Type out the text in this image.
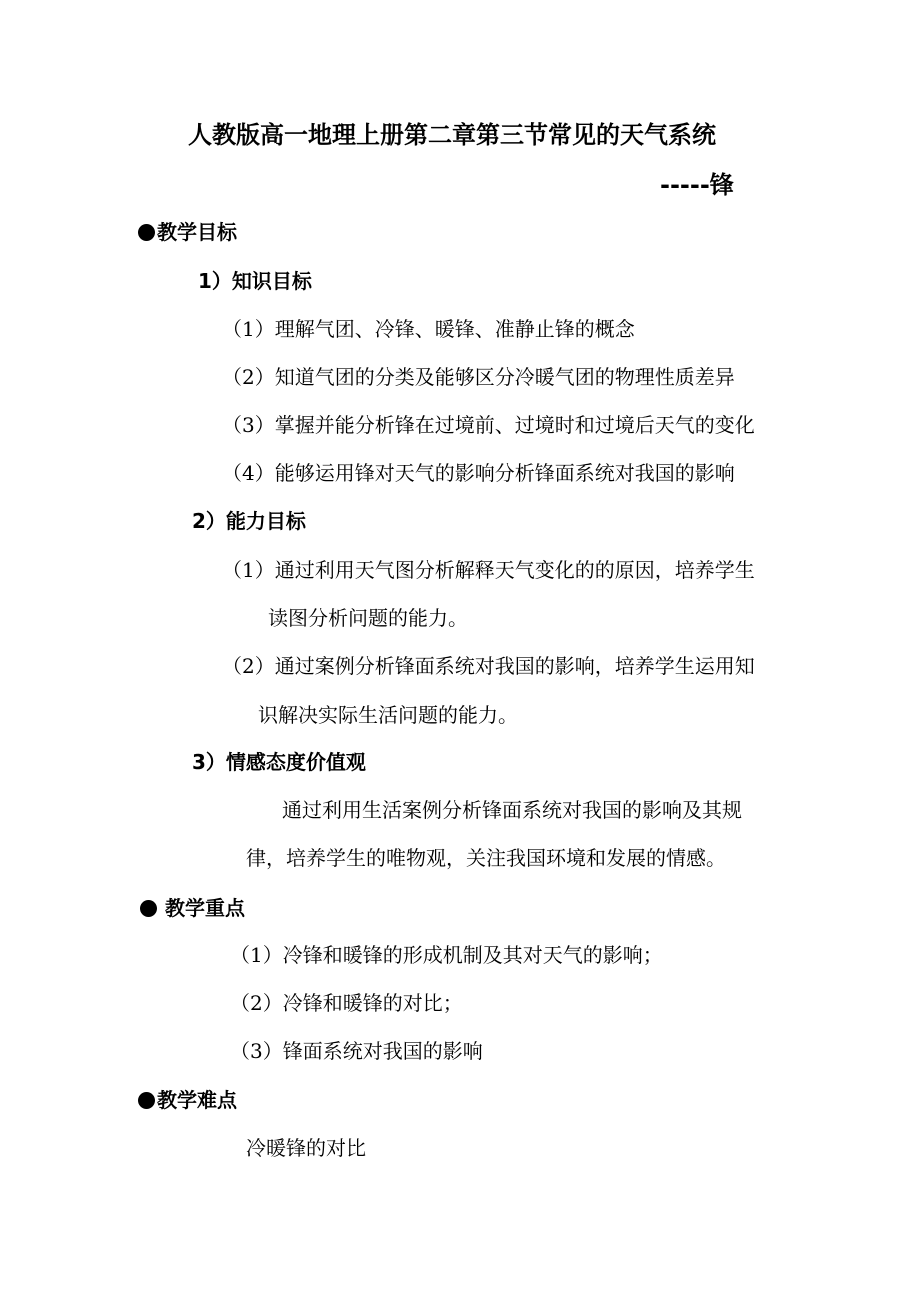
人教版高一地理上册第二章第三节常见的天气系统
-----锋
教学目标
1）知识目标
（1）理解气团、冷锋、暖锋、准静止锋的概念
（2）知道气团的分类及能够区分冷暖气团的物理性质差异
（3）掌握并能分析锋在过境前、过境时和过境后天气的变化
（4）能够运用锋对天气的影响分析锋面系统对我国的影响
2）能力目标
（1）通过利用天气图分析解释天气变化的的原因，培养学生
读图分析问题的能力。
（2）通过案例分析锋面系统对我国的影响，培养学生运用知
识解决实际生活问题的能力。
3）情感态度价值观
通过利用生活案例分析锋面系统对我国的影响及其规
律，培养学生的唯物观，关注我国环境和发展的情感。
教学重点
（1）冷锋和暖锋的形成机制及其对天气的影响；
（2）冷锋和暖锋的对比；
（3）锋面系统对我国的影响
教学难点
冷暖锋的对比
